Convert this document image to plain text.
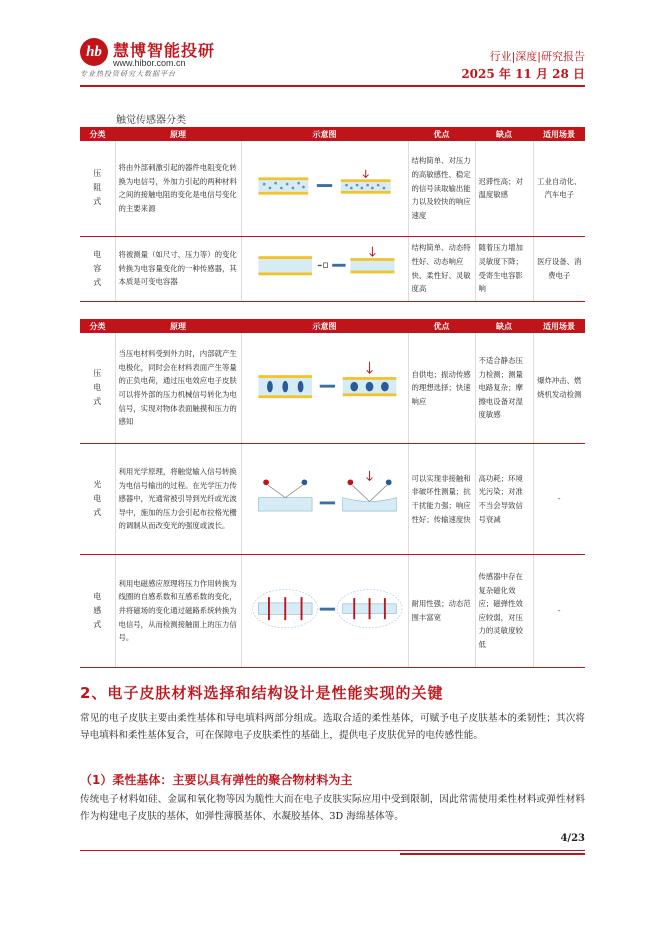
hb 慧博智能投研
www.hibor.com.cn
专业热投资研究大数据平台
行业|深度|研究报告
2025 年 11 月 28 日
触觉传感器分类
分类	原理	示意图	优点	缺点	适用场景

压阻式	将由外部刺激引起的器件电阻变化转换为电信号，外加力引起的两种材料之间的接触电阻的变化是电信号变化的主要来源		结构简单、对压力的高敏感性、稳定的信号读取输出能力以及较快的响应速度	迟滞性高；对温度敏感	工业自动化、汽车电子

电容式	将被测量（如尺寸、压力等）的变化转换为电容量变化的一种传感器，其本质是可变电容器		结构简单、动态特性好、动态响应快、柔性好、灵敏度高	随着压力增加灵敏度下降；受寄生电容影响	医疗设备、消费电子
分类	原理	示意图	优点	缺点	适用场景

压电式	当压电材料受到外力时，内部就产生电极化，同时会在材料表面产生等量的正负电荷，通过压电效应电子皮肤可以将外部的压力机械信号转化为电信号，实现对物体表面触摸和压力的感知		自供电；振动传感的理想选择；快速响应	不适合静态压力检测；测量电路复杂；摩擦电设备对湿度敏感	爆炸冲击、燃烧机发动检测

光电式	利用光学原理，将触觉输入信号转换为电信号输出的过程。在光学压力传感器中，光通常被引导到光纤或光波导中，施加的压力会引起布拉格光栅的调制从而改变光的强度或波长。		可以实现非接触和非破坏性测量；抗干扰能力强；响应性好；传输速度快	高功耗；环境光污染；对准不当会导致信号衰减	-

电感式	利用电磁感应原理将压力作用转换为线圈的自感系数和互感系数的变化，并将磁场的变化通过磁路系统转换为电信号，从而检测接触面上的压力信号。		耐用性强；动态范围丰富宽	传感器中存在复杂磁化效应；磁弹性效应较弱，对压力的灵敏度较低	-
2、电子皮肤材料选择和结构设计是性能实现的关键
常见的电子皮肤主要由柔性基体和导电填料两部分组成。选取合适的柔性基体，可赋予电子皮肤基本的柔韧性；其次将导电填料和柔性基体复合，可在保障电子皮肤柔性的基础上，提供电子皮肤优异的电传感性能。
（1）柔性基体：主要以具有弹性的聚合物材料为主
传统电子材料如硅、金属和氧化物等因为脆性大而在电子皮肤实际应用中受到限制，因此常需使用柔性材料或弹性材料作为构建电子皮肤的基体，如弹性薄膜基体、水凝胶基体、3D 海绵基体等。
4/23
